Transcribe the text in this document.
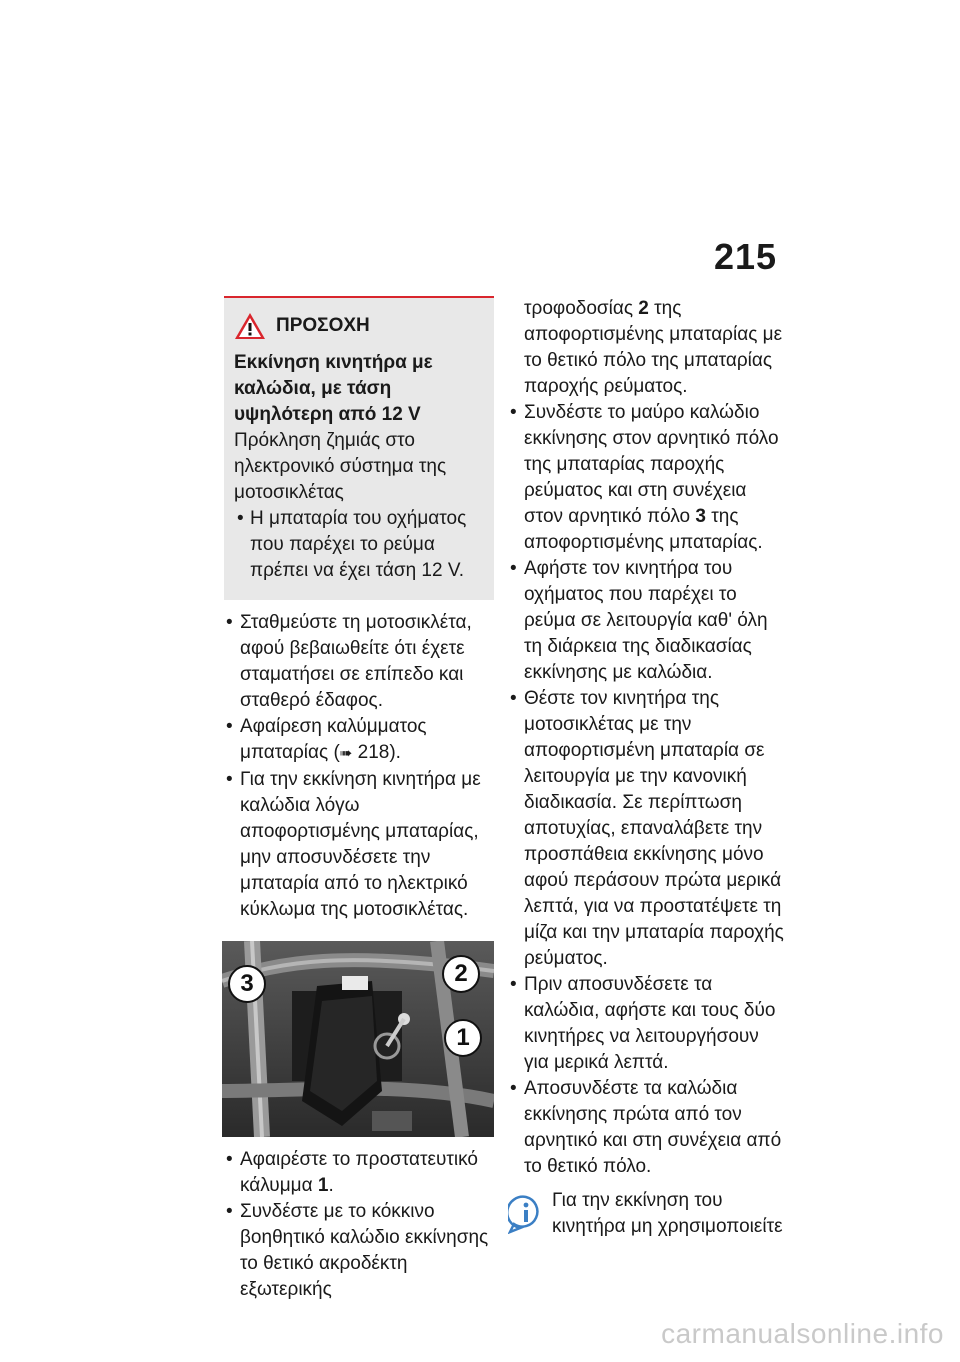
215
ΠΡΟΣΟΧΗ
Εκκίνηση κινητήρα με καλώδια, με τάση υψηλότερη από 12 V
Πρόκληση ζημιάς στο ηλεκτρονικό σύστημα της μοτοσικλέτας
• Η μπαταρία του οχήματος που παρέχει το ρεύμα πρέπει να έχει τάση 12 V.
• Σταθμεύστε τη μοτοσικλέτα, αφού βεβαιωθείτε ότι έχετε σταματήσει σε επίπεδο και σταθερό έδαφος.
• Αφαίρεση καλύμματος μπαταρίας (➠ 218).
• Για την εκκίνηση κινητήρα με καλώδια λόγω αποφορτισμένης μπαταρίας, μην αποσυνδέσετε την μπαταρία από το ηλεκτρικό κύκλωμα της μοτοσικλέτας.
3	2
1
• Αφαιρέστε το προστατευτικό κάλυμμα 1.
• Συνδέστε με το κόκκινο βοηθητικό καλώδιο εκκίνησης το θετικό ακροδέκτη εξωτερικής
τροφοδοσίας 2 της αποφορτισμένης μπαταρίας με το θετικό πόλο της μπαταρίας παροχής ρεύματος.
• Συνδέστε το μαύρο καλώδιο εκκίνησης στον αρνητικό πόλο της μπαταρίας παροχής ρεύματος και στη συνέχεια στον αρνητικό πόλο 3 της αποφορτισμένης μπαταρίας.
• Αφήστε τον κινητήρα του οχήματος που παρέχει το ρεύμα σε λειτουργία καθ' όλη τη διάρκεια της διαδικασίας εκκίνησης με καλώδια.
• Θέστε τον κινητήρα της μοτοσικλέτας με την αποφορτισμένη μπαταρία σε λειτουργία με την κανονική διαδικασία. Σε περίπτωση αποτυχίας, επαναλάβετε την προσπάθεια εκκίνησης μόνο αφού περάσουν πρώτα μερικά λεπτά, για να προστατέψετε τη μίζα και την μπαταρία παροχής ρεύματος.
• Πριν αποσυνδέσετε τα καλώδια, αφήστε και τους δύο κινητήρες να λειτουργήσουν για μερικά λεπτά.
• Αποσυνδέστε τα καλώδια εκκίνησης πρώτα από τον αρνητικό και στη συνέχεια από το θετικό πόλο.
Για την εκκίνηση του κινητήρα μη χρησιμοποιείτε
carmanualsonline.info
